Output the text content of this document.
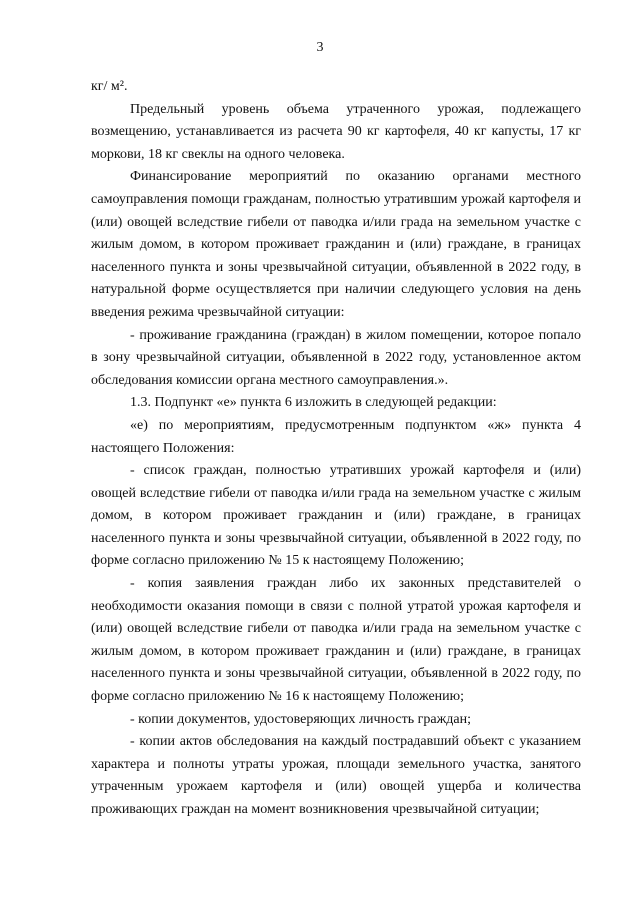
3

кг/ м².

Предельный уровень объема утраченного урожая, подлежащего возмещению, устанавливается из расчета 90 кг картофеля, 40 кг капусты, 17 кг моркови, 18 кг свеклы на одного человека.

Финансирование мероприятий по оказанию органами местного самоуправления помощи гражданам, полностью утратившим урожай картофеля и (или) овощей вследствие гибели от паводка и/или града на земельном участке с жилым домом, в котором проживает гражданин и (или) граждане, в границах населенного пункта и зоны чрезвычайной ситуации, объявленной в 2022 году, в натуральной форме осуществляется при наличии следующего условия на день введения режима чрезвычайной ситуации:

- проживание гражданина (граждан) в жилом помещении, которое попало в зону чрезвычайной ситуации, объявленной в 2022 году, установленное актом обследования комиссии органа местного самоуправления.».

1.3. Подпункт «е» пункта 6 изложить в следующей редакции:

«е) по мероприятиям, предусмотренным подпунктом «ж» пункта 4 настоящего Положения:

- список граждан, полностью утративших урожай картофеля и (или) овощей вследствие гибели от паводка и/или града на земельном участке с жилым домом, в котором проживает гражданин и (или) граждане, в границах населенного пункта и зоны чрезвычайной ситуации, объявленной в 2022 году, по форме согласно приложению № 15 к настоящему Положению;

- копия заявления граждан либо их законных представителей о необходимости оказания помощи в связи с полной утратой урожая картофеля и (или) овощей вследствие гибели от паводка и/или града на земельном участке с жилым домом, в котором проживает гражданин и (или) граждане, в границах населенного пункта и зоны чрезвычайной ситуации, объявленной в 2022 году, по форме согласно приложению № 16 к настоящему Положению;

- копии документов, удостоверяющих личность граждан;

- копии актов обследования на каждый пострадавший объект с указанием характера и полноты утраты урожая, площади земельного участка, занятого утраченным урожаем картофеля и (или) овощей ущерба и количества проживающих граждан на момент возникновения чрезвычайной ситуации;
